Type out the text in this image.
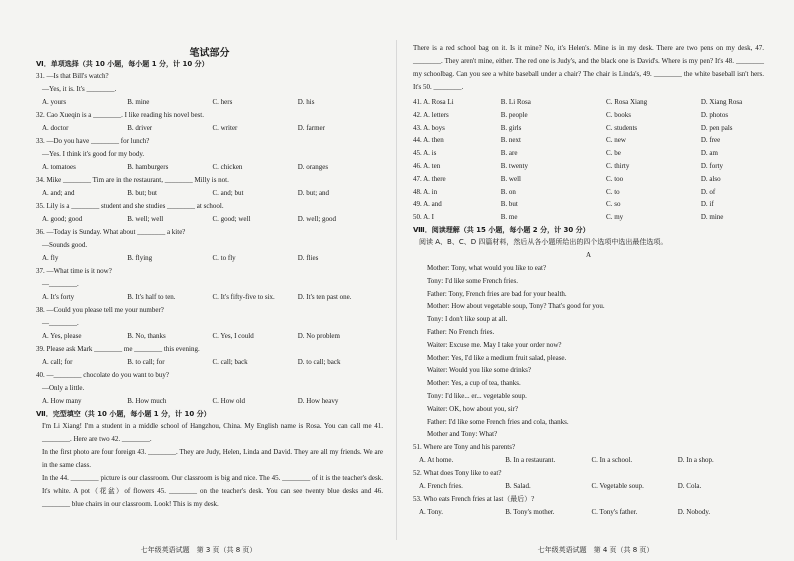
笔试部分
Ⅵ．单项选择（共 10 小题，每小题 1 分，计 10 分）
31. —Is that Bill's watch?
—Yes, it is. It's ________.
A. yours	B. mine	C. hers	D. his
32. Cao Xueqin is a ________. I like reading his novel best.
A. doctor	B. driver	C. writer	D. farmer
33. —Do you have ________ for lunch?
—Yes. I think it's good for my body.
A. tomatoes	B. hamburgers	C. chicken	D. oranges
34. Mike ________ Tim are in the restaurant, ________ Milly is not.
A. and; and	B. but; but	C. and; but	D. but; and
35. Lily is a ________ student and she studies ________ at school.
A. good; good	B. well; well	C. good; well	D. well; good
36. —Today is Sunday. What about ________ a kite?
—Sounds good.
A. fly	B. flying	C. to fly	D. flies
37. —What time is it now?
—________.
A. It's forty	B. It's half to ten.	C. It's fifty-five to six.	D. It's ten past one.
38. —Could you please tell me your number?
—________.
A. Yes, please	B. No, thanks	C. Yes, I could	D. No problem
39. Please ask Mark ________ me ________ this evening.
A. call; for	B. to call; for	C. call; back	D. to call; back
40. —________ chocolate do you want to buy?
—Only a little.
A. How many	B. How much	C. How old	D. How heavy
Ⅶ．完型填空（共 10 小题，每小题 1 分，计 10 分）
I'm Li Xiang! I'm a student in a middle school of Hangzhou, China. My English name is Rosa. You can call me 41. ________. Here are two 42. ________.
In the first photo are four foreign 43. ________. They are Judy, Helen, Linda and David. They are all my friends. We are in the same class.
In the 44. ________ picture is our classroom. Our classroom is big and nice. The 45. ________ of it is the teacher's desk. It's white. A pot（花盆）of flowers 45. ________ on the teacher's desk. You can see twenty blue desks and 46. ________ blue chairs in our classroom. Look! This is my desk.
七年级英语试题　第 3 页（共 8 页）
There is a red school bag on it. Is it mine? No, it's Helen's. Mine is in my desk. There are two pens on my desk, 47. ________. They aren't mine, either. The red one is Judy's, and the black one is David's. Where is my pen? It's 48. ________ my schoolbag. Can you see a white baseball under a chair? The chair is Linda's, 49. ________ the white baseball isn't hers. It's 50. ________.
41. A. Rosa Li	B. Li Rosa	C. Rosa Xiang	D. Xiang Rosa
42. A. letters	B. people	C. books	D. photos
43. A. boys	B. girls	C. students	D. pen pals
44. A. then	B. next	C. new	D. free
45. A. is	B. are	C. be	D. am
46. A. ten	B. twenty	C. thirty	D. forty
47. A. there	B. well	C. too	D. also
48. A. in	B. on	C. to	D. of
49. A. and	B. but	C. so	D. if
50. A. I	B. me	C. my	D. mine
Ⅷ．阅读理解（共 15 小题，每小题 2 分，计 30 分）
阅读 A、B、C、D 四篇材料，然后从各小题所给出的四个选项中选出最佳选项。
A
Mother: Tony, what would you like to eat?
Tony: I'd like some French fries.
Father: Tony, French fries are bad for your health.
Mother: How about vegetable soup, Tony? That's good for you.
Tony: I don't like soup at all.
Father: No French fries.
Waiter: Excuse me. May I take your order now?
Mother: Yes, I'd like a medium fruit salad, please.
Waiter: Would you like some drinks?
Mother: Yes, a cup of tea, thanks.
Tony: I'd like... er... vegetable soup.
Waiter: OK, how about you, sir?
Father: I'd like some French fries and cola, thanks.
Mother and Tony: What?
51. Where are Tony and his parents?
A. At home.	B. In a restaurant.	C. In a school.	D. In a shop.
52. What does Tony like to eat?
A. French fries.	B. Salad.	C. Vegetable soup.	D. Cola.
53. Who eats French fries at last（最后）?
A. Tony.	B. Tony's mother.	C. Tony's father.	D. Nobody.
七年级英语试题　第 4 页（共 8 页）
